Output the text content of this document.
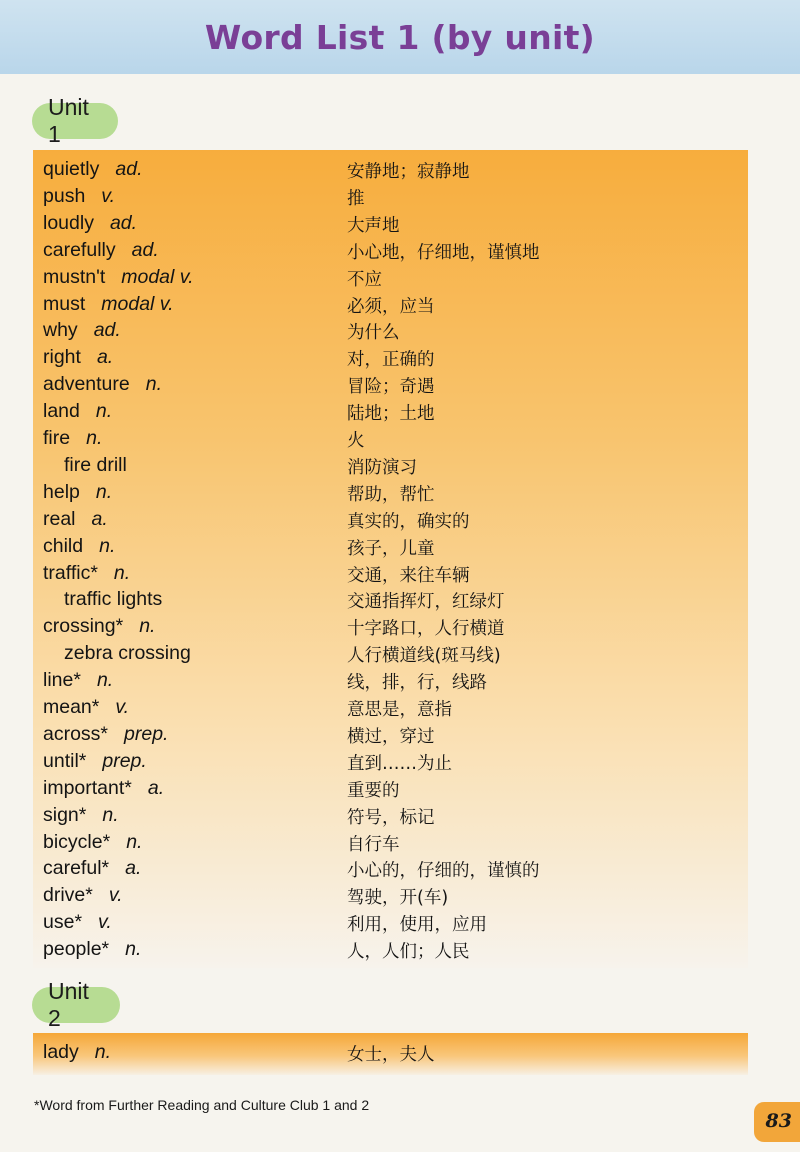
Word List 1 (by unit)
Unit 1
quietly ad.	安静地；寂静地
push v.	推
loudly ad.	大声地
carefully ad.	小心地，仔细地，谨慎地
mustn't modal v.	不应
must modal v.	必须，应当
why ad.	为什么
right a.	对，正确的
adventure n.	冒险；奇遇
land n.	陆地；土地
fire n.	火
fire drill	消防演习
help n.	帮助，帮忙
real a.	真实的，确实的
child n.	孩子，儿童
traffic* n.	交通，来往车辆
traffic lights	交通指挥灯，红绿灯
crossing* n.	十字路口，人行横道
zebra crossing	人行横道线(斑马线)
line* n.	线，排，行，线路
mean* v.	意思是，意指
across* prep.	横过，穿过
until* prep.	直到……为止
important* a.	重要的
sign* n.	符号，标记
bicycle* n.	自行车
careful* a.	小心的，仔细的，谨慎的
drive* v.	驾驶，开(车)
use* v.	利用，使用，应用
people* n.	人，人们；人民
Unit 2
lady n.	女士，夫人
*Word from Further Reading and Culture Club 1 and 2
83
